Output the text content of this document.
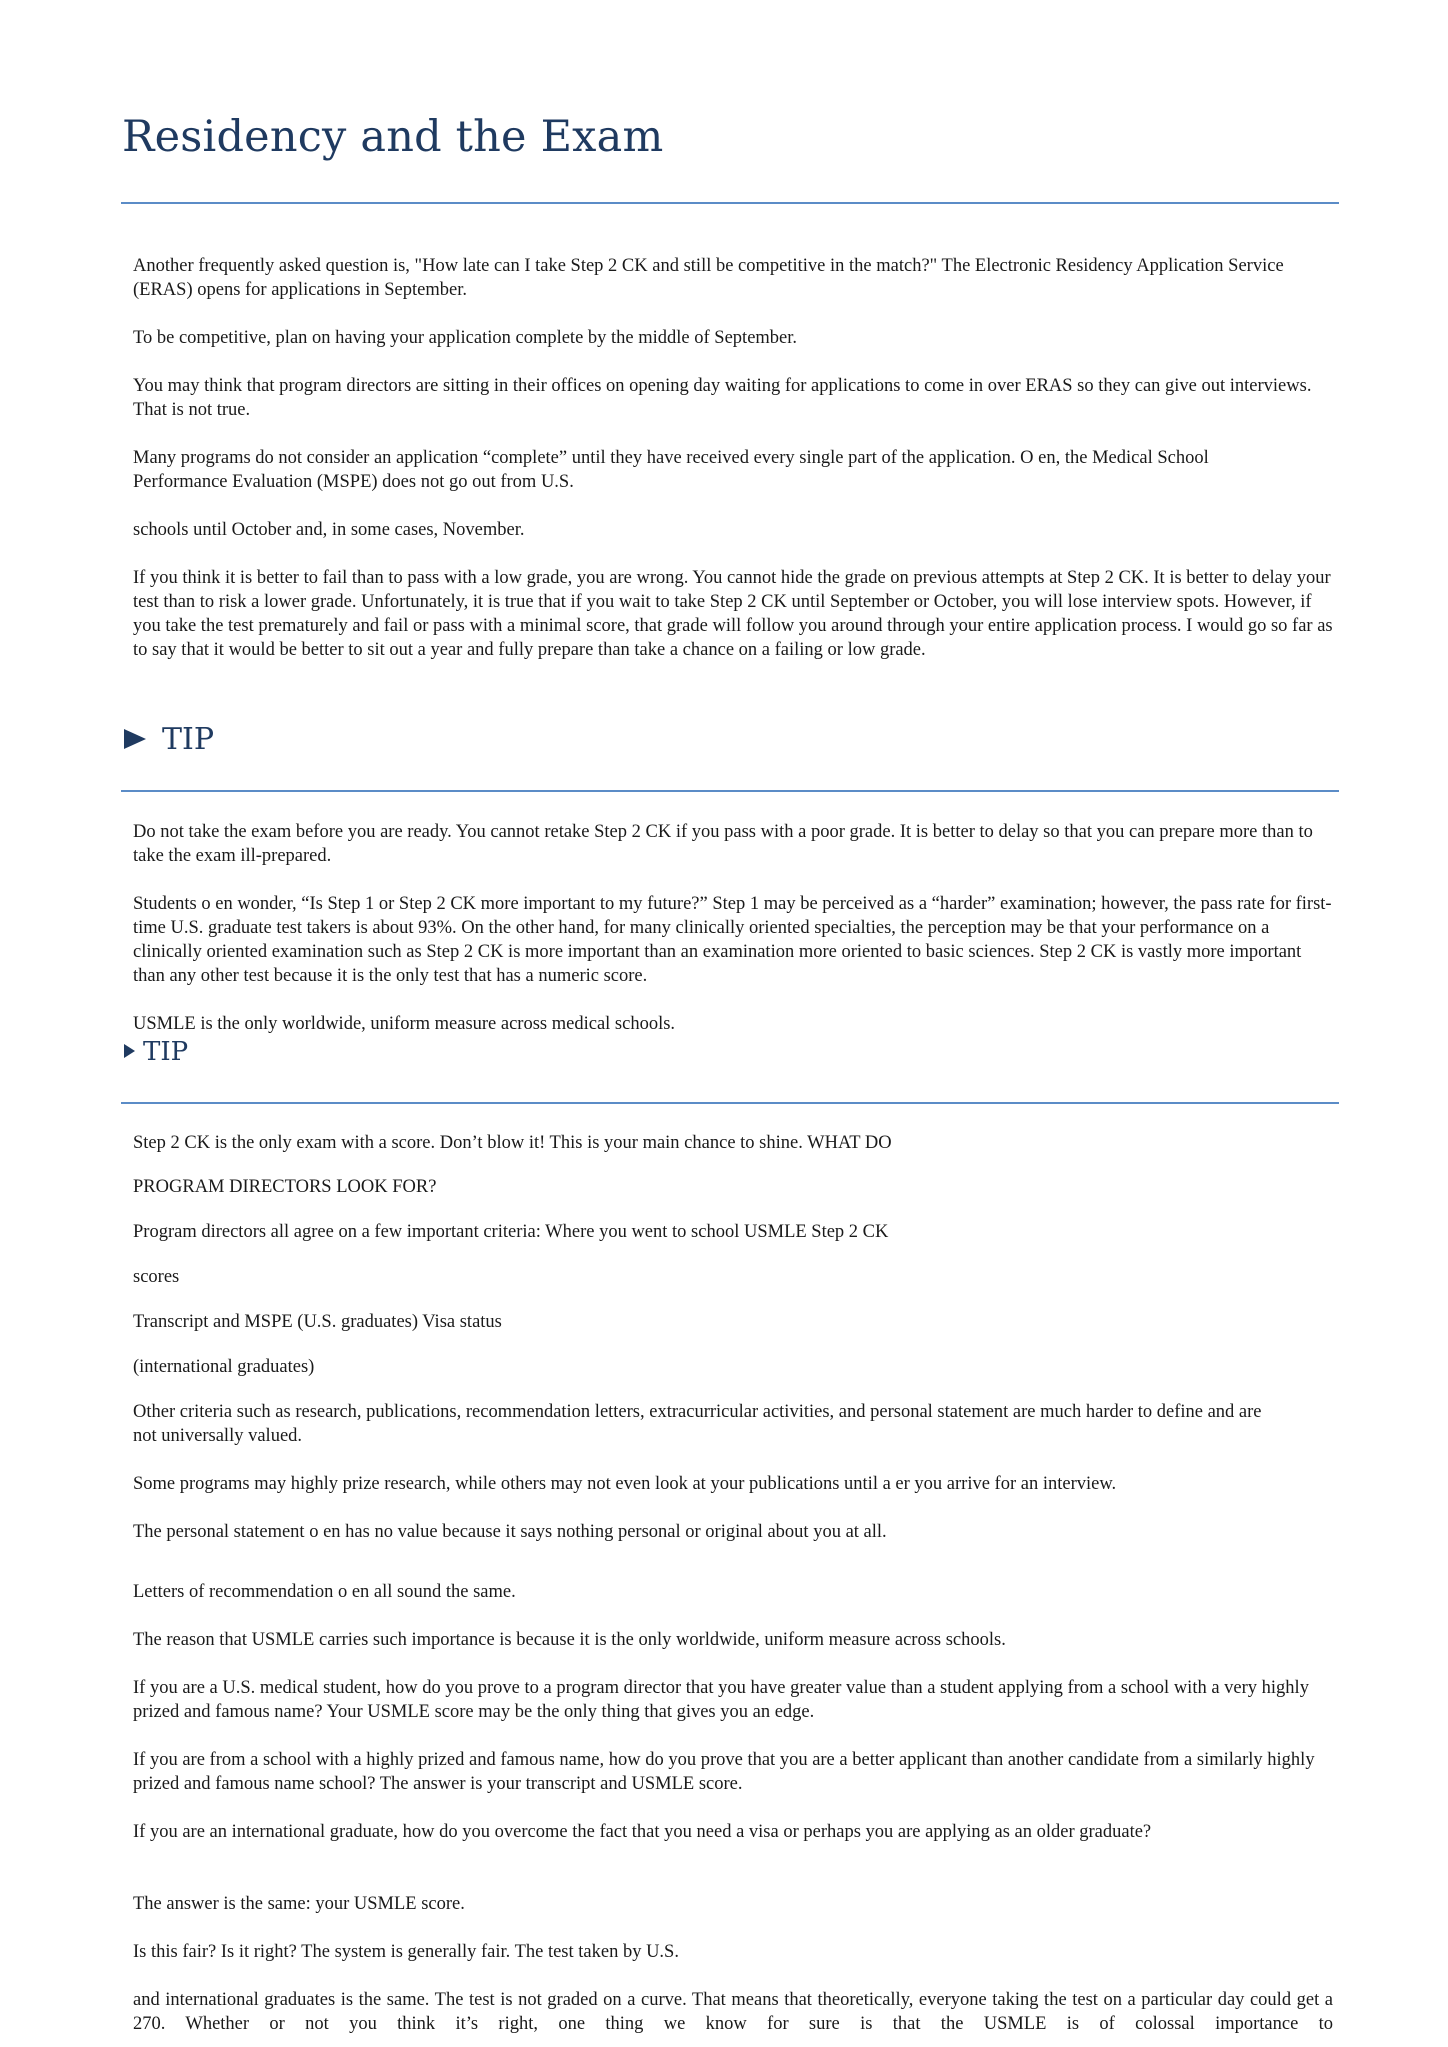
Residency and the Exam

Another frequently asked question is, "How late can I take Step 2 CK and still be competitive in the match?" The Electronic Residency Application Service (ERAS) opens for applications in September.

To be competitive, plan on having your application complete by the middle of September.

You may think that program directors are sitting in their offices on opening day waiting for applications to come in over ERAS so they can give out interviews. That is not true.

Many programs do not consider an application “complete” until they have received every single part of the application. O en, the Medical School Performance Evaluation (MSPE) does not go out from U.S.

schools until October and, in some cases, November.

If you think it is better to fail than to pass with a low grade, you are wrong. You cannot hide the grade on previous attempts at Step 2 CK. It is better to delay your test than to risk a lower grade. Unfortunately, it is true that if you wait to take Step 2 CK until September or October, you will lose interview spots. However, if you take the test prematurely and fail or pass with a minimal score, that grade will follow you around through your entire application process. I would go so far as to say that it would be better to sit out a year and fully prepare than take a chance on a failing or low grade.

TIP

Do not take the exam before you are ready. You cannot retake Step 2 CK if you pass with a poor grade. It is better to delay so that you can prepare more than to take the exam ill-prepared.

Students o en wonder, “Is Step 1 or Step 2 CK more important to my future?” Step 1 may be perceived as a “harder” examination; however, the pass rate for first-time U.S. graduate test takers is about 93%. On the other hand, for many clinically oriented specialties, the perception may be that your performance on a clinically oriented examination such as Step 2 CK is more important than an examination more oriented to basic sciences. Step 2 CK is vastly more important than any other test because it is the only test that has a numeric score.

USMLE is the only worldwide, uniform measure across medical schools.

TIP

Step 2 CK is the only exam with a score. Don’t blow it! This is your main chance to shine. WHAT DO

PROGRAM DIRECTORS LOOK FOR?

Program directors all agree on a few important criteria: Where you went to school USMLE Step 2 CK

scores

Transcript and MSPE (U.S. graduates) Visa status

(international graduates)

Other criteria such as research, publications, recommendation letters, extracurricular activities, and personal statement are much harder to define and are not universally valued.

Some programs may highly prize research, while others may not even look at your publications until a er you arrive for an interview.

The personal statement o en has no value because it says nothing personal or original about you at all.

Letters of recommendation o en all sound the same.

The reason that USMLE carries such importance is because it is the only worldwide, uniform measure across schools.

If you are a U.S. medical student, how do you prove to a program director that you have greater value than a student applying from a school with a very highly prized and famous name? Your USMLE score may be the only thing that gives you an edge.

If you are from a school with a highly prized and famous name, how do you prove that you are a better applicant than another candidate from a similarly highly prized and famous name school? The answer is your transcript and USMLE score.

If you are an international graduate, how do you overcome the fact that you need a visa or perhaps you are applying as an older graduate?

The answer is the same: your USMLE score.

Is this fair? Is it right? The system is generally fair. The test taken by U.S.

and international graduates is the same. The test is not graded on a curve. That means that theoretically, everyone taking the test on a particular day could get a 270. Whether or not you think it’s right, one thing we know for sure is that the USMLE is of colossal importance to
